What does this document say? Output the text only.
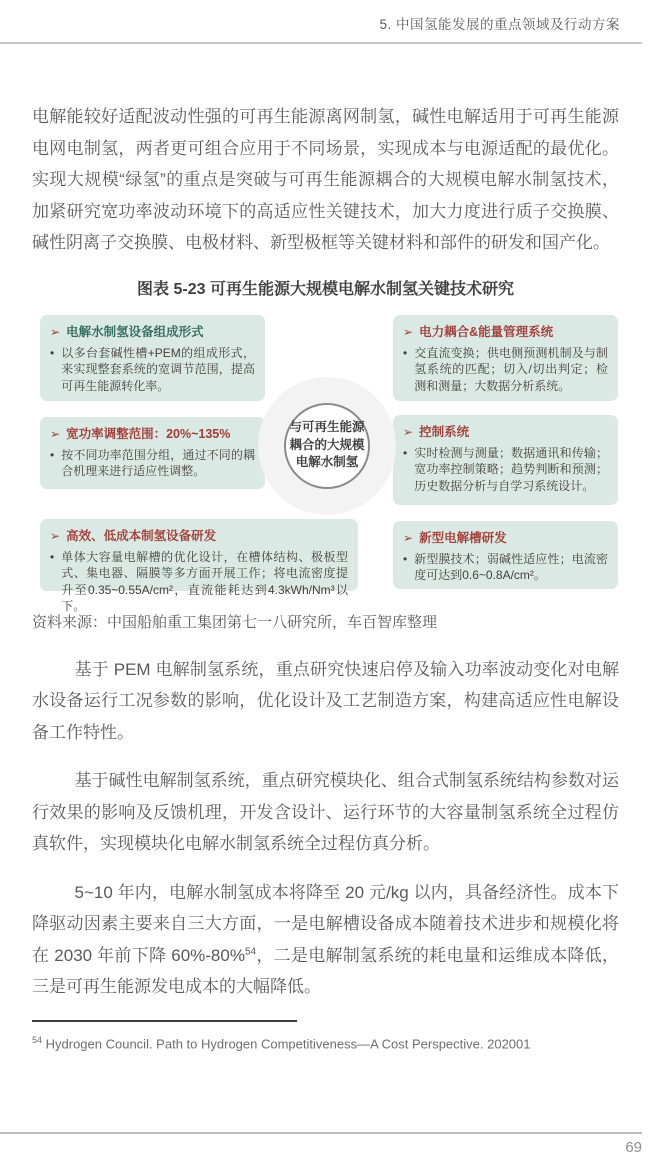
5. 中国氢能发展的重点领域及行动方案

电解能较好适配波动性强的可再生能源离网制氢，碱性电解适用于可再生能源电网电制氢，两者更可组合应用于不同场景，实现成本与电源适配的最优化。实现大规模“绿氢”的重点是突破与可再生能源耦合的大规模电解水制氢技术，加紧研究宽功率波动环境下的高适应性关键技术，加大力度进行质子交换膜、碱性阴离子交换膜、电极材料、新型极框等关键材料和部件的研发和国产化。

图表 5-23 可再生能源大规模电解水制氢关键技术研究
➢ 电解水制氢设备组成形式
• 以多台套碱性槽+PEM的组成形式，来实现整套系统的宽调节范围，提高可再生能源转化率。
➢ 电力耦合&能量管理系统
• 交直流变换；供电侧预测机制及与制氢系统的匹配；切入/切出判定；检测和测量；大数据分析系统。
➢ 宽功率调整范围：20%~135%
• 按不同功率范围分组，通过不同的耦合机理来进行适应性调整。
➢ 控制系统
• 实时检测与测量；数据通讯和传输；宽功率控制策略；趋势判断和预测；历史数据分析与自学习系统设计。
➢ 高效、低成本制氢设备研发
• 单体大容量电解槽的优化设计，在槽体结构、极板型式、集电器、隔膜等多方面开展工作；将电流密度提升至0.35~0.55A/cm²，直流能耗达到4.3kWh/Nm³以下。
➢ 新型电解槽研发
• 新型膜技术；弱碱性适应性；电流密度可达到0.6~0.8A/cm²。
与可再生能源
耦合的大规模
电解水制氢
资料来源：中国船舶重工集团第七一八研究所，车百智库整理

基于 PEM 电解制氢系统，重点研究快速启停及输入功率波动变化对电解水设备运行工况参数的影响，优化设计及工艺制造方案，构建高适应性电解设备工作特性。

基于碱性电解制氢系统，重点研究模块化、组合式制氢系统结构参数对运行效果的影响及反馈机理，开发含设计、运行环节的大容量制氢系统全过程仿真软件，实现模块化电解水制氢系统全过程仿真分析。

5~10 年内，电解水制氢成本将降至 20 元/kg 以内，具备经济性。成本下降驱动因素主要来自三大方面，一是电解槽设备成本随着技术进步和规模化将在 2030 年前下降 60%-80%$^{54}$，二是电解制氢系统的耗电量和运维成本降低，三是可再生能源发电成本的大幅降低。

$^{54}$ Hydrogen Council. Path to Hydrogen Competitiveness—A Cost Perspective. 202001
69
